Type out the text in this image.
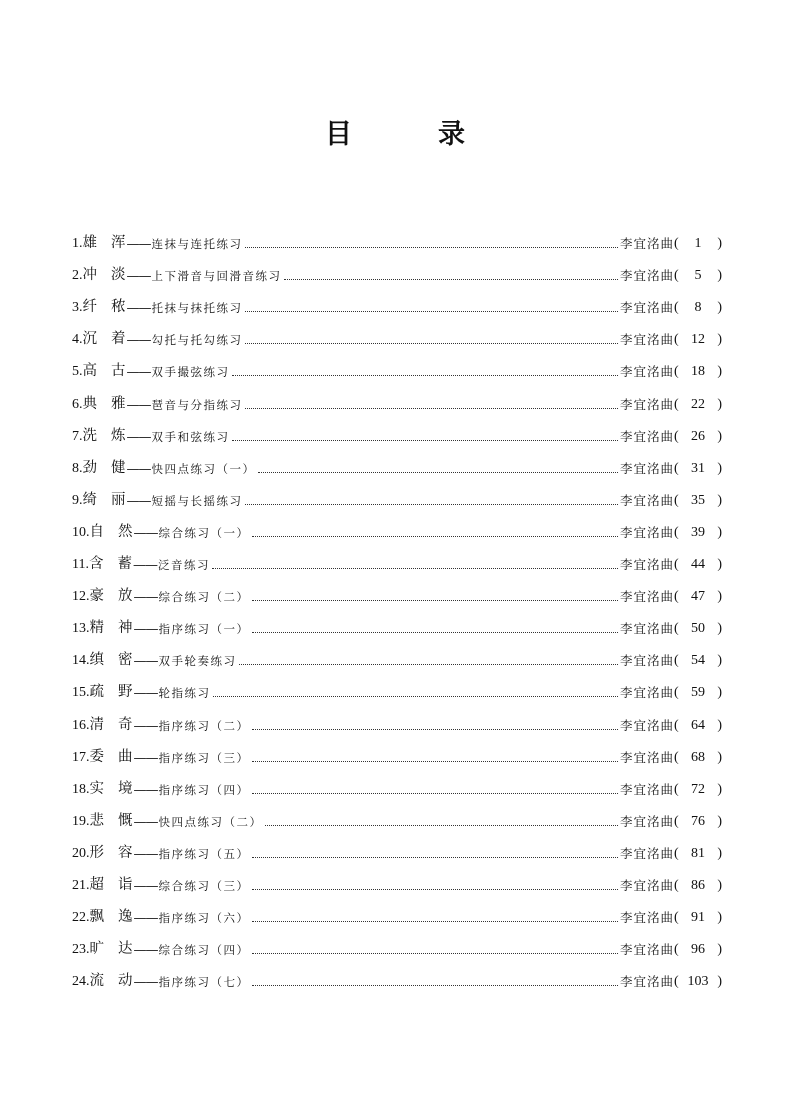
目	录
1. 雄 浑 —— 连抹与连托练习	李宜洺曲 (	1	)
2. 冲 淡 —— 上下滑音与回滑音练习	李宜洺曲 (	5	)
3. 纤 秾 —— 托抹与抹托练习	李宜洺曲 (	8	)
4. 沉 着 —— 勾托与托勾练习	李宜洺曲 ( 12 )
5. 高 古 —— 双手撮弦练习	李宜洺曲 ( 18 )
6. 典 雅 —— 琶音与分指练习	李宜洺曲 ( 22 )
7. 洗 炼 —— 双手和弦练习	李宜洺曲 ( 26 )
8. 劲 健 —— 快四点练习（一）	李宜洺曲 ( 31 )
9. 绮 丽 —— 短摇与长摇练习	李宜洺曲 ( 35 )
10. 自 然 —— 综合练习（一）	李宜洺曲 ( 39 )
11. 含 蓄 —— 泛音练习	李宜洺曲 ( 44 )
12. 豪 放 —— 综合练习（二）	李宜洺曲 ( 47 )
13. 精 神 —— 指序练习（一）	李宜洺曲 ( 50 )
14. 缜 密 —— 双手轮奏练习	李宜洺曲 ( 54 )
15. 疏 野 —— 轮指练习	李宜洺曲 ( 59 )
16. 清 奇 —— 指序练习（二）	李宜洺曲 ( 64 )
17. 委 曲 —— 指序练习（三）	李宜洺曲 ( 68 )
18. 实 境 —— 指序练习（四）	李宜洺曲 ( 72 )
19. 悲 慨 —— 快四点练习（二）	李宜洺曲 ( 76 )
20. 形 容 —— 指序练习（五）	李宜洺曲 ( 81 )
21. 超 诣 —— 综合练习（三）	李宜洺曲 ( 86 )
22. 飘 逸 —— 指序练习（六）	李宜洺曲 ( 91 )
23. 旷 达 —— 综合练习（四）	李宜洺曲 ( 96 )
24. 流 动 —— 指序练习（七）	李宜洺曲 ( 103 )
